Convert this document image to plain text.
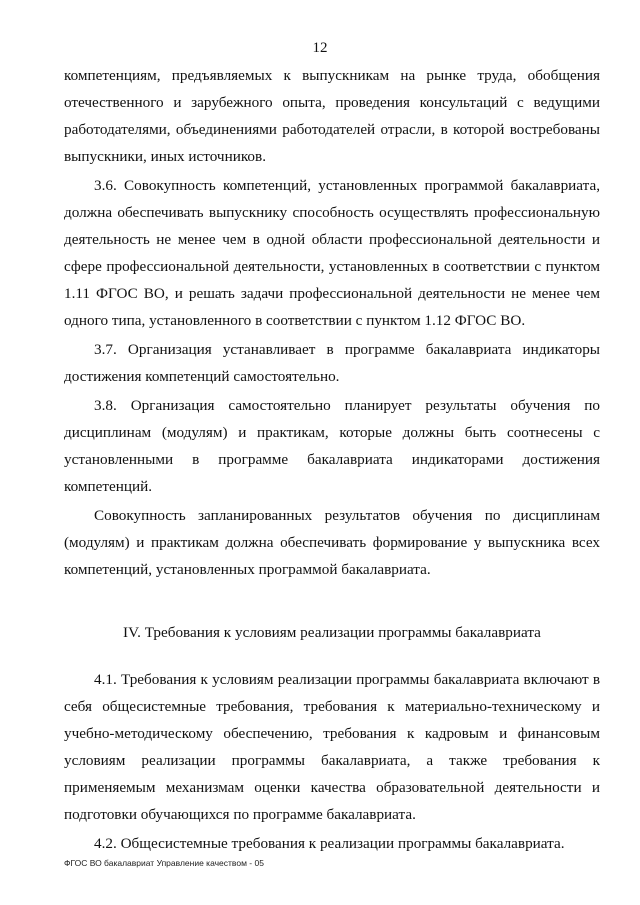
12

компетенциям, предъявляемых к выпускникам на рынке труда, обобщения отечественного и зарубежного опыта, проведения консультаций с ведущими работодателями, объединениями работодателей отрасли, в которой востребованы выпускники, иных источников.

3.6. Совокупность компетенций, установленных программой бакалавриата, должна обеспечивать выпускнику способность осуществлять профессиональную деятельность не менее чем в одной области профессиональной деятельности и сфере профессиональной деятельности, установленных в соответствии с пунктом 1.11 ФГОС ВО, и решать задачи профессиональной деятельности не менее чем одного типа, установленного в соответствии с пунктом 1.12 ФГОС ВО.

3.7. Организация устанавливает в программе бакалавриата индикаторы достижения компетенций самостоятельно.

3.8. Организация самостоятельно планирует результаты обучения по дисциплинам (модулям) и практикам, которые должны быть соотнесены с установленными в программе бакалавриата индикаторами достижения компетенций.

Совокупность запланированных результатов обучения по дисциплинам (модулям) и практикам должна обеспечивать формирование у выпускника всех компетенций, установленных программой бакалавриата.

IV. Требования к условиям реализации программы бакалавриата

4.1. Требования к условиям реализации программы бакалавриата включают в себя общесистемные требования, требования к материально-техническому и учебно-методическому обеспечению, требования к кадровым и финансовым условиям реализации программы бакалавриата, а также требования к применяемым механизмам оценки качества образовательной деятельности и подготовки обучающихся по программе бакалавриата.

4.2. Общесистемные требования к реализации программы бакалавриата.

ФГОС ВО бакалавриат Управление качеством - 05
